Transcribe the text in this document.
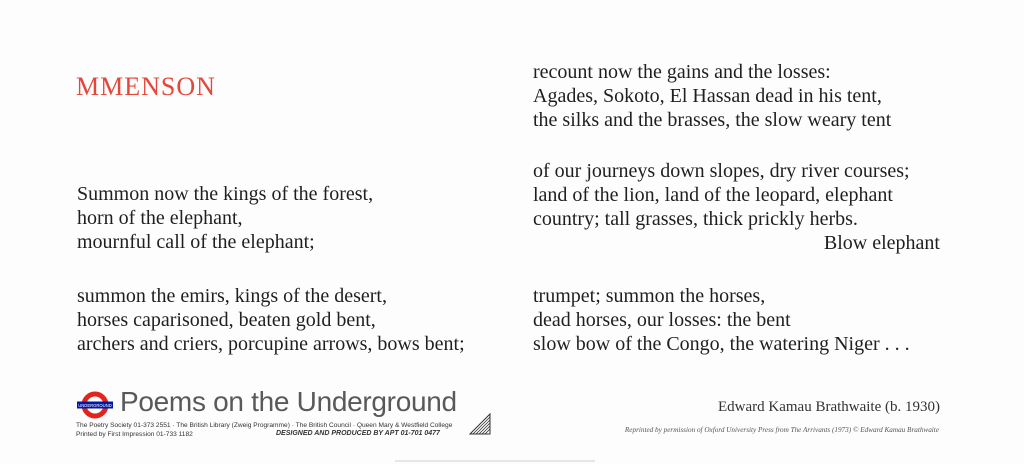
MMENSON
Summon now the kings of the forest,
horn of the elephant,
mournful call of the elephant;
summon the emirs, kings of the desert,
horses caparisoned, beaten gold bent,
archers and criers, porcupine arrows, bows bent;
recount now the gains and the losses:
Agades, Sokoto, El Hassan dead in his tent,
the silks and the brasses, the slow weary tent
of our journeys down slopes, dry river courses;
land of the lion, land of the leopard, elephant
country; tall grasses, thick prickly herbs.
Blow elephant
trumpet; summon the horses,
dead horses, our losses: the bent
slow bow of the Congo, the watering Niger . . .
Edward Kamau Brathwaite (b. 1930)
Reprinted by permission of Oxford University Press from The Arrivants (1973) © Edward Kamau Brathwaite
UNDERGROUND Poems on the Underground
The Poetry Society 01-373 2551 · The British Library (Zweig Programme) · The British Council · Queen Mary & Westfield College
Printed by First Impression 01-733 1182	DESIGNED AND PRODUCED BY APT 01-701 0477
